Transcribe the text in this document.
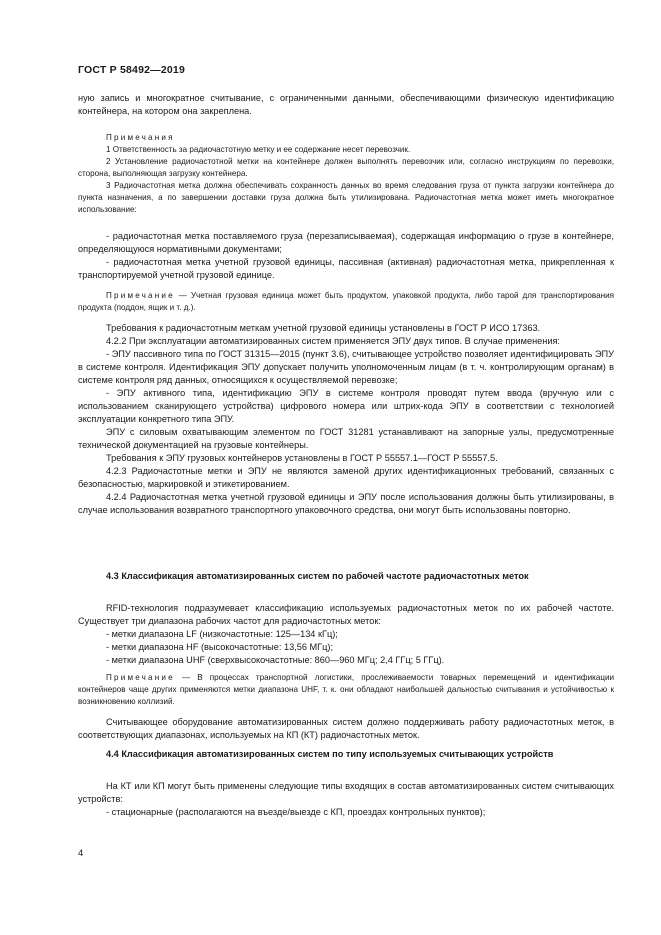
ГОСТ Р 58492—2019

ную запись и многократное считывание, с ограниченными данными, обеспечивающими физическую идентификацию контейнера, на котором она закреплена.

Примечания

1 Ответственность за радиочастотную метку и ее содержание несет перевозчик.

2 Установление радиочастотной метки на контейнере должен выполнять перевозчик или, согласно инструкциям по перевозки, сторона, выполняющая загрузку контейнера.

3 Радиочастотная метка должна обеспечивать сохранность данных во время следования груза от пункта загрузки контейнера до пункта назначения, а по завершении доставки груза должна быть утилизирована. Радиочастотная метка может иметь многократное использование:

- радиочастотная метка поставляемого груза (перезаписываемая), содержащая информацию о грузе в контейнере, определяющуюся нормативными документами;

- радиочастотная метка учетной грузовой единицы, пассивная (активная) радиочастотная метка, прикрепленная к транспортируемой учетной грузовой единице.

Примечание — Учетная грузовая единица может быть продуктом, упаковкой продукта, либо тарой для транспортирования продукта (поддон, ящик и т. д.).

Требования к радиочастотным меткам учетной грузовой единицы установлены в ГОСТ Р ИСО 17363.

4.2.2 При эксплуатации автоматизированных систем применяется ЭПУ двух типов. В случае применения:

- ЭПУ пассивного типа по ГОСТ 31315—2015 (пункт 3.6), считывающее устройство позволяет идентифицировать ЭПУ в системе контроля. Идентификация ЭПУ допускает получить уполномоченным лицам (в т. ч. контролирующим органам) в системе контроля ряд данных, относящихся к осуществляемой перевозке;

- ЭПУ активного типа, идентификацию ЭПУ в системе контроля проводят путем ввода (вручную или с использованием сканирующего устройства) цифрового номера или штрих-кода ЭПУ в соответствии с технологией эксплуатации конкретного типа ЭПУ.

ЭПУ с силовым охватывающим элементом по ГОСТ 31281 устанавливают на запорные узлы, предусмотренные технической документацией на грузовые контейнеры.

Требования к ЭПУ грузовых контейнеров установлены в ГОСТ Р 55557.1—ГОСТ Р 55557.5.

4.2.3 Радиочастотные метки и ЭПУ не являются заменой других идентификационных требований, связанных с безопасностью, маркировкой и этикетированием.

4.2.4 Радиочастотная метка учетной грузовой единицы и ЭПУ после использования должны быть утилизированы, в случае использования возвратного транспортного упаковочного средства, они могут быть использованы повторно.

4.3 Классификация автоматизированных систем по рабочей частоте радиочастотных меток

RFID-технология подразумевает классификацию используемых радиочастотных меток по их рабочей частоте. Существует три диапазона рабочих частот для радиочастотных меток:

- метки диапазона LF (низкочастотные: 125—134 кГц);

- метки диапазона HF (высокочастотные: 13,56 МГц);

- метки диапазона UHF (сверхвысокочастотные: 860—960 МГц; 2,4 ГГц; 5 ГГц).

Примечание — В процессах транспортной логистики, прослеживаемости товарных перемещений и идентификации контейнеров чаще других применяются метки диапазона UHF, т. к. они обладают наибольшей дальностью считывания и устойчивостью к возникновению коллизий.

Считывающее оборудование автоматизированных систем должно поддерживать работу радиочастотных меток, в соответствующих диапазонах, используемых на КП (КТ) радиочастотных меток.

4.4 Классификация автоматизированных систем по типу используемых считывающих устройств

На КТ или КП могут быть применены следующие типы входящих в состав автоматизированных систем считывающих устройств:

- стационарные (располагаются на въезде/выезде с КП, проездах контрольных пунктов);

4
